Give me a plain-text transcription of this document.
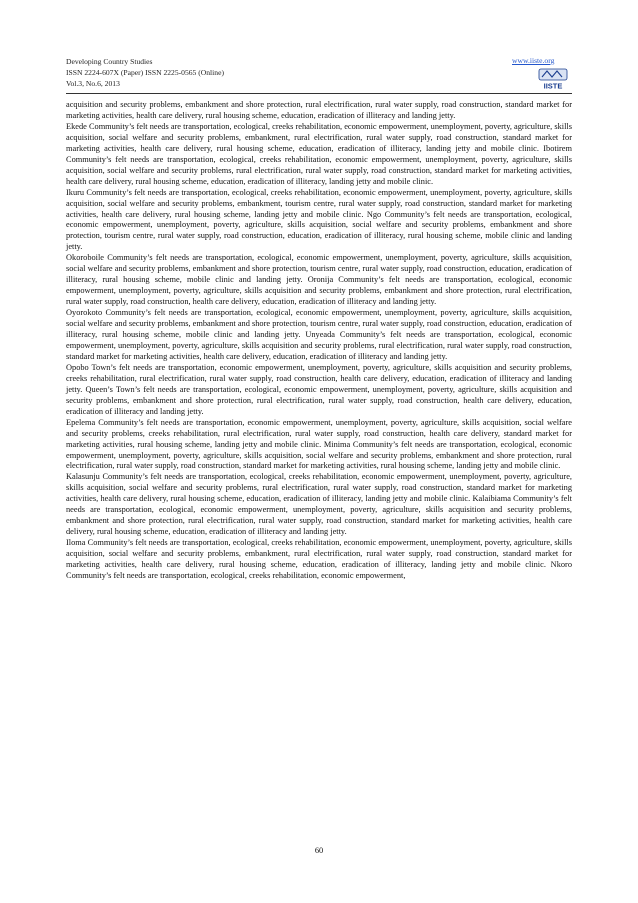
Developing Country Studies
ISSN 2224-607X (Paper) ISSN 2225-0565 (Online)
Vol.3, No.6, 2013
www.iiste.org
IISTE

acquisition and security problems, embankment and shore protection, rural electrification, rural water supply, road construction, standard market for marketing activities, health care delivery, rural housing scheme, education, eradication of illiteracy and landing jetty.

Ekede Community’s felt needs are transportation, ecological, creeks rehabilitation, economic empowerment, unemployment, poverty, agriculture, skills acquisition, social welfare and security problems, embankment, rural electrification, rural water supply, road construction, standard market for marketing activities, health care delivery, rural housing scheme, education, eradication of illiteracy, landing jetty and mobile clinic. Ibotirem Community’s felt needs are transportation, ecological, creeks rehabilitation, economic empowerment, unemployment, poverty, agriculture, skills acquisition, social welfare and security problems, rural electrification, rural water supply, road construction, standard market for marketing activities, health care delivery, rural housing scheme, education, eradication of illiteracy, landing jetty and mobile clinic.

Ikuru Community’s felt needs are transportation, ecological, creeks rehabilitation, economic empowerment, unemployment, poverty, agriculture, skills acquisition, social welfare and security problems, embankment, tourism centre, rural water supply, road construction, standard market for marketing activities, health care delivery, rural housing scheme, landing jetty and mobile clinic. Ngo Community’s felt needs are transportation, ecological, economic empowerment, unemployment, poverty, agriculture, skills acquisition, social welfare and security problems, embankment and shore protection, tourism centre, rural water supply, road construction, education, eradication of illiteracy, rural housing scheme, mobile clinic and landing jetty.

Okoroboile Community’s felt needs are transportation, ecological, economic empowerment, unemployment, poverty, agriculture, skills acquisition, social welfare and security problems, embankment and shore protection, tourism centre, rural water supply, road construction, education, eradication of illiteracy, rural housing scheme, mobile clinic and landing jetty. Oronija Community’s felt needs are transportation, ecological, economic empowerment, unemployment, poverty, agriculture, skills acquisition and security problems, embankment and shore protection, rural electrification, rural water supply, road construction, health care delivery, education, eradication of illiteracy and landing jetty.

Oyorokoto Community’s felt needs are transportation, ecological, economic empowerment, unemployment, poverty, agriculture, skills acquisition, social welfare and security problems, embankment and shore protection, tourism centre, rural water supply, road construction, education, eradication of illiteracy, rural housing scheme, mobile clinic and landing jetty. Unyeada Community’s felt needs are transportation, ecological, economic empowerment, unemployment, poverty, agriculture, skills acquisition and security problems, rural electrification, rural water supply, road construction, standard market for marketing activities, health care delivery, education, eradication of illiteracy and landing jetty.

Opobo Town’s felt needs are transportation, economic empowerment, unemployment, poverty, agriculture, skills acquisition and security problems, creeks rehabilitation, rural electrification, rural water supply, road construction, health care delivery, education, eradication of illiteracy and landing jetty. Queen’s Town’s felt needs are transportation, ecological, economic empowerment, unemployment, poverty, agriculture, skills acquisition and security problems, embankment and shore protection, rural electrification, rural water supply, road construction, health care delivery, education, eradication of illiteracy and landing jetty.

Epelema Community’s felt needs are transportation, economic empowerment, unemployment, poverty, agriculture, skills acquisition, social welfare and security problems, creeks rehabilitation, rural electrification, rural water supply, road construction, health care delivery, standard market for marketing activities, rural housing scheme, landing jetty and mobile clinic. Minima Community’s felt needs are transportation, ecological, economic empowerment, unemployment, poverty, agriculture, skills acquisition, social welfare and security problems, embankment and shore protection, rural electrification, rural water supply, road construction, standard market for marketing activities, rural housing scheme, landing jetty and mobile clinic.

Kalasunju Community’s felt needs are transportation, ecological, creeks rehabilitation, economic empowerment, unemployment, poverty, agriculture, skills acquisition, social welfare and security problems, rural electrification, rural water supply, road construction, standard market for marketing activities, health care delivery, rural housing scheme, education, eradication of illiteracy, landing jetty and mobile clinic. Kalaibiama Community’s felt needs are transportation, ecological, economic empowerment, unemployment, poverty, agriculture, skills acquisition and security problems, embankment and shore protection, rural electrification, rural water supply, road construction, standard market for marketing activities, health care delivery, rural housing scheme, education, eradication of illiteracy and landing jetty.

Iloma Community’s felt needs are transportation, ecological, creeks rehabilitation, economic empowerment, unemployment, poverty, agriculture, skills acquisition, social welfare and security problems, embankment, rural electrification, rural water supply, road construction, standard market for marketing activities, health care delivery, rural housing scheme, education, eradication of illiteracy, landing jetty and mobile clinic. Nkoro Community’s felt needs are transportation, ecological, creeks rehabilitation, economic empowerment,

60
